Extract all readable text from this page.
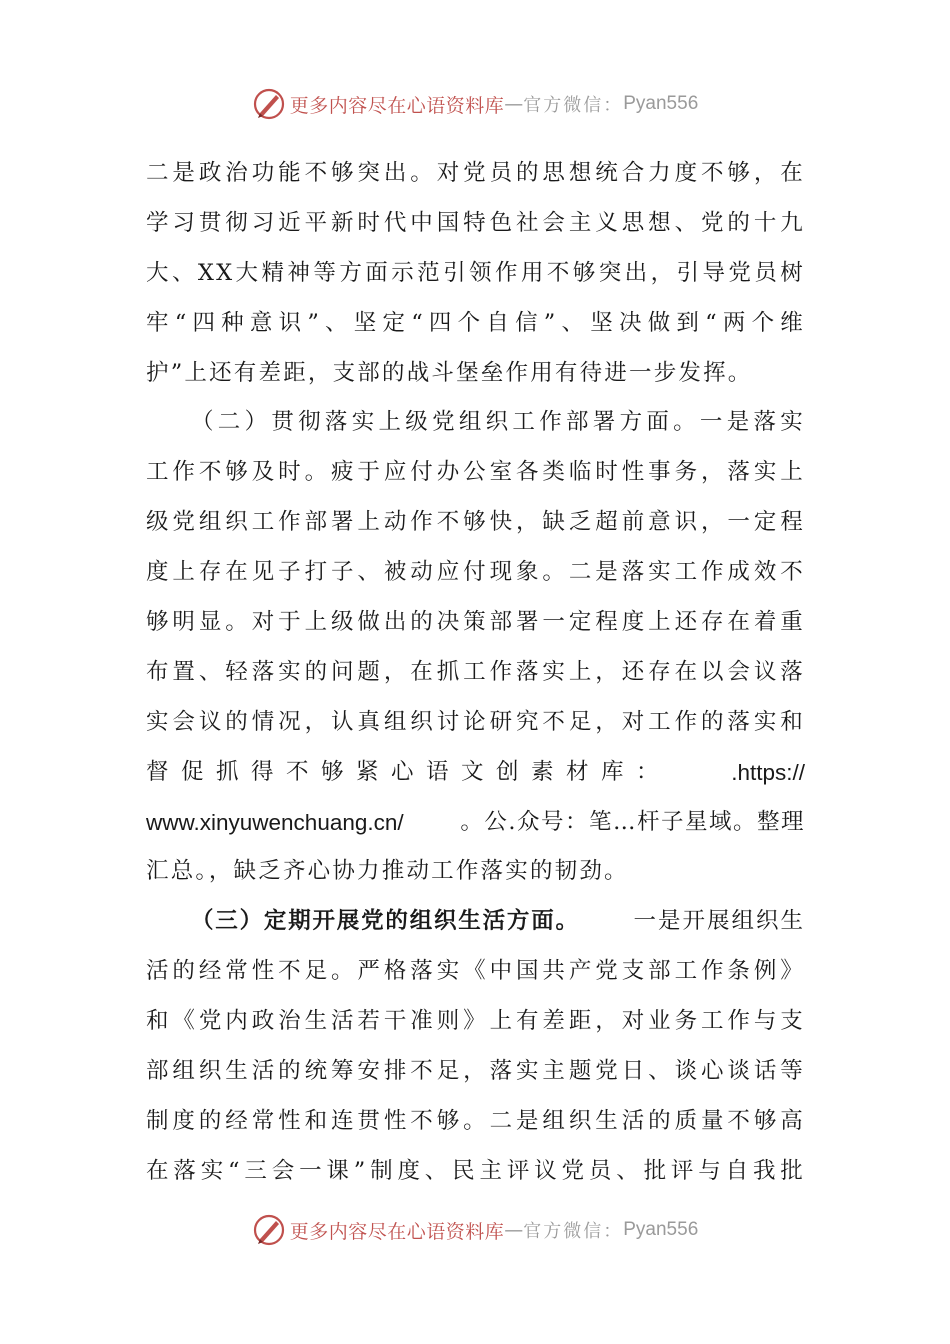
更多内容尽在心语资料库 — 官方微信： Pyan556
二是政治功能不够突出。对党员的思想统合力度不够，在
学习贯彻习近平新时代中国特色社会主义思想、党的十九
大、XX大精神等方面示范引领作用不够突出，引导党员树
牢“四种意识”、坚定“四个自信”、坚决做到“两个维
护”上还有差距，支部的战斗堡垒作用有待进一步发挥。
（二）贯彻落实上级党组织工作部署方面。一是落实
工作不够及时。疲于应付办公室各类临时性事务，落实上
级党组织工作部署上动作不够快，缺乏超前意识，一定程
度上存在见子打子、被动应付现象。二是落实工作成效不
够明显。对于上级做出的决策部署一定程度上还存在着重
布置、轻落实的问题，在抓工作落实上，还存在以会议落
实会议的情况，认真组织讨论研究不足，对工作的落实和
督促抓得不够紧心语文创素材库：	.https://
www.xinyuwenchuang.cn/	。公.众号：笔…杆子星域。整理
汇总。，缺乏齐心协力推动工作落实的韧劲。
（三）定期开展党的组织生活方面。 一是开展组织生
活的经常性不足。严格落实《中国共产党支部工作条例》
和《党内政治生活若干准则》上有差距，对业务工作与支
部组织生活的统筹安排不足，落实主题党日、谈心谈话等
制度的经常性和连贯性不够。二是组织生活的质量不够高
在落实“三会一课”制度、民主评议党员、批评与自我批
更多内容尽在心语资料库 — 官方微信： Pyan556
